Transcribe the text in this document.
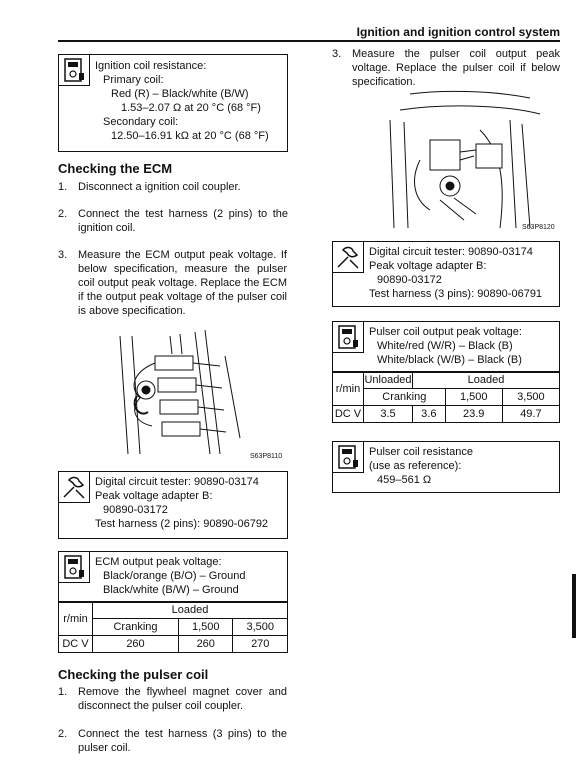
Ignition and ignition control system
Ignition coil resistance:
Primary coil:
Red (R) – Black/white (B/W)
1.53–2.07 Ω at 20 °C (68 °F)
Secondary coil:
12.50–16.91 kΩ at 20 °C (68 °F)
Checking the ECM
1. Disconnect a ignition coil coupler.
2. Connect the test harness (2 pins) to the ignition coil.
3. Measure the ECM output peak voltage. If below specification, measure the pulser coil output peak voltage. Replace the ECM if the output peak voltage of the pulser coil is above specification.
S63P8110
Digital circuit tester: 90890-03174
Peak voltage adapter B:
90890-03172
Test harness (2 pins): 90890-06792
ECM output peak voltage:
Black/orange (B/O) – Ground
Black/white (B/W) – Ground
r/min	Loaded		
	Cranking	1,500	3,500
DC V	260	260	270
Checking the pulser coil
1. Remove the flywheel magnet cover and disconnect the pulser coil coupler.
2. Connect the test harness (3 pins) to the pulser coil.
3. Measure the pulser coil output peak voltage. Replace the pulser coil if below specification.
S63P8120
Digital circuit tester: 90890-03174
Peak voltage adapter B:
90890-03172
Test harness (3 pins): 90890-06791
Pulser coil output peak voltage:
White/red (W/R) – Black (B)
White/black (W/B) – Black (B)
r/min	Unloaded	Loaded		
	Cranking		1,500	3,500
DC V	3.5	3.6	23.9	49.7
Pulser coil resistance
(use as reference):
459–561 Ω
